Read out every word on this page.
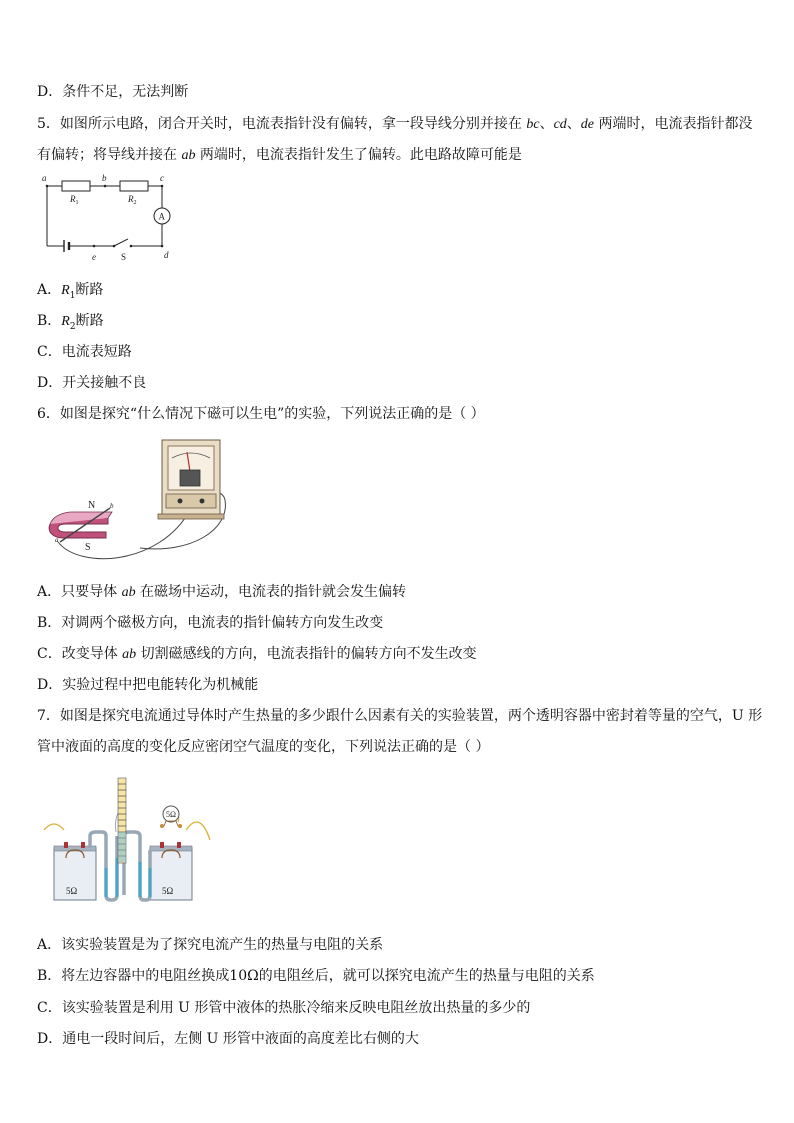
D．条件不足，无法判断
5．如图所示电路，闭合开关时，电流表指针没有偏转，拿一段导线分别并接在 bc、cd、de 两端时，电流表指针都没
有偏转；将导线并接在 ab 两端时，电流表指针发生了偏转。此电路故障可能是
a	b	c
d
e
$R_1$	$R_2$
A
S
A．$R_1$断路
B．$R_2$断路
C．电流表短路
D．开关接触不良
6．如图是探究“什么情况下磁可以生电”的实验，下列说法正确的是（ ）
N
S
a
b
A．只要导体 ab 在磁场中运动，电流表的指针就会发生偏转
B．对调两个磁极方向，电流表的指针偏转方向发生改变
C．改变导体 ab 切割磁感线的方向，电流表指针的偏转方向不发生改变
D．实验过程中把电能转化为机械能
7．如图是探究电流通过导体时产生热量的多少跟什么因素有关的实验装置，两个透明容器中密封着等量的空气，U 形
管中液面的高度的变化反应密闭空气温度的变化，下列说法正确的是（ ）
5Ω
5Ω	5Ω
A．该实验装置是为了探究电流产生的热量与电阻的关系
B．将左边容器中的电阻丝换成10Ω的电阻丝后，就可以探究电流产生的热量与电阻的关系
C．该实验装置是利用 U 形管中液体的热胀冷缩来反映电阻丝放出热量的多少的
D．通电一段时间后，左侧 U 形管中液面的高度差比右侧的大
